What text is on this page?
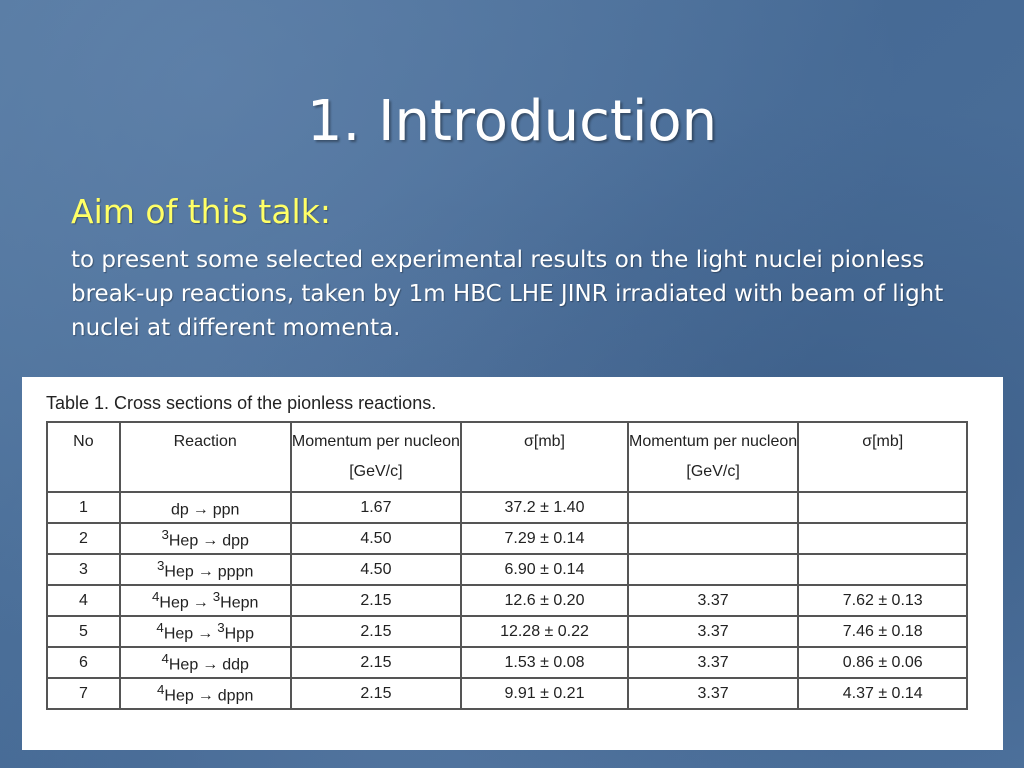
1. Introduction
Aim of this talk:
to present some selected experimental results on the light nuclei pionless break-up reactions, taken by 1m HBC LHE JINR irradiated with beam of light nuclei at different momenta.
Table 1. Cross sections of the pionless reactions.
No	Reaction	Momentum per nucleon [GeV/c]	σ[mb]	Momentum per nucleon [GeV/c]	σ[mb]
1	dp → ppn	1.67	37.2 ± 1.40		
2	$^3$Hep → dpp	4.50	7.29 ± 0.14		
3	$^3$Hep → pppn	4.50	6.90 ± 0.14		
4	$^4$Hep → $^3$Hepn	2.15	12.6 ± 0.20	3.37	7.62 ± 0.13
5	$^4$Hep → $^3$Hpp	2.15	12.28 ± 0.22	3.37	7.46 ± 0.18
6	$^4$Hep → ddp	2.15	1.53 ± 0.08	3.37	0.86 ± 0.06
7	$^4$Hep → dppn	2.15	9.91 ± 0.21	3.37	4.37 ± 0.14
